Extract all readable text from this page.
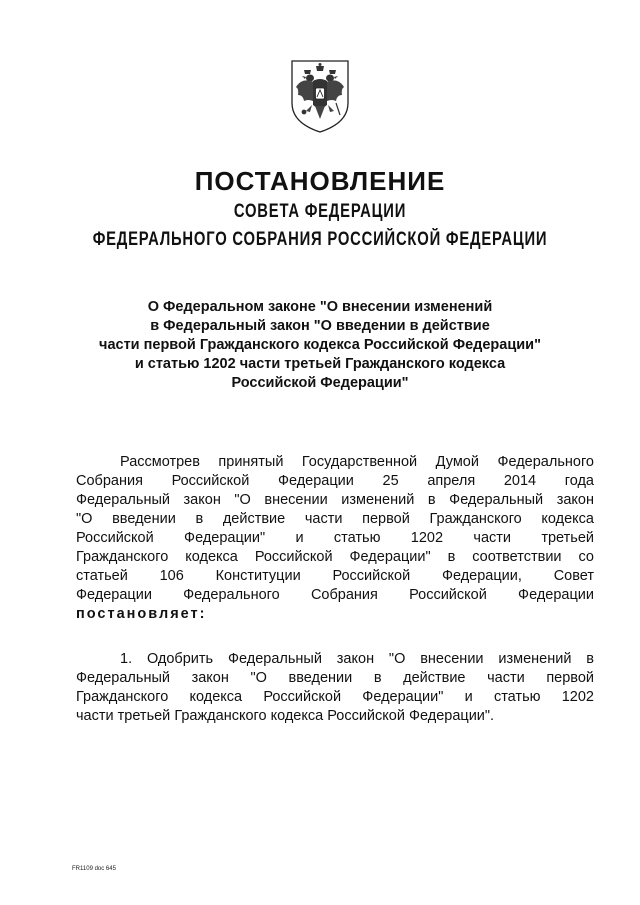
ПОСТАНОВЛЕНИЕ
СОВЕТА ФЕДЕРАЦИИ
ФЕДЕРАЛЬНОГО СОБРАНИЯ РОССИЙСКОЙ ФЕДЕРАЦИИ
О Федеральном законе "О внесении изменений
в Федеральный закон "О введении в действие
части первой Гражданского кодекса Российской Федерации"
и статью 1202 части третьей Гражданского кодекса
Российской Федерации"
Рассмотрев принятый Государственной Думой Федерального
Собрания Российской Федерации 25 апреля 2014 года
Федеральный закон "О внесении изменений в Федеральный закон
"О введении в действие части первой Гражданского кодекса
Российской Федерации" и статью 1202 части третьей
Гражданского кодекса Российской Федерации" в соответствии со
статьей 106 Конституции Российской Федерации, Совет
Федерации Федерального Собрания Российской Федерации
постановляет:
1. Одобрить Федеральный закон "О внесении изменений в
Федеральный закон "О введении в действие части первой
Гражданского кодекса Российской Федерации" и статью 1202
части третьей Гражданского кодекса Российской Федерации".
FR1109 doc 645
